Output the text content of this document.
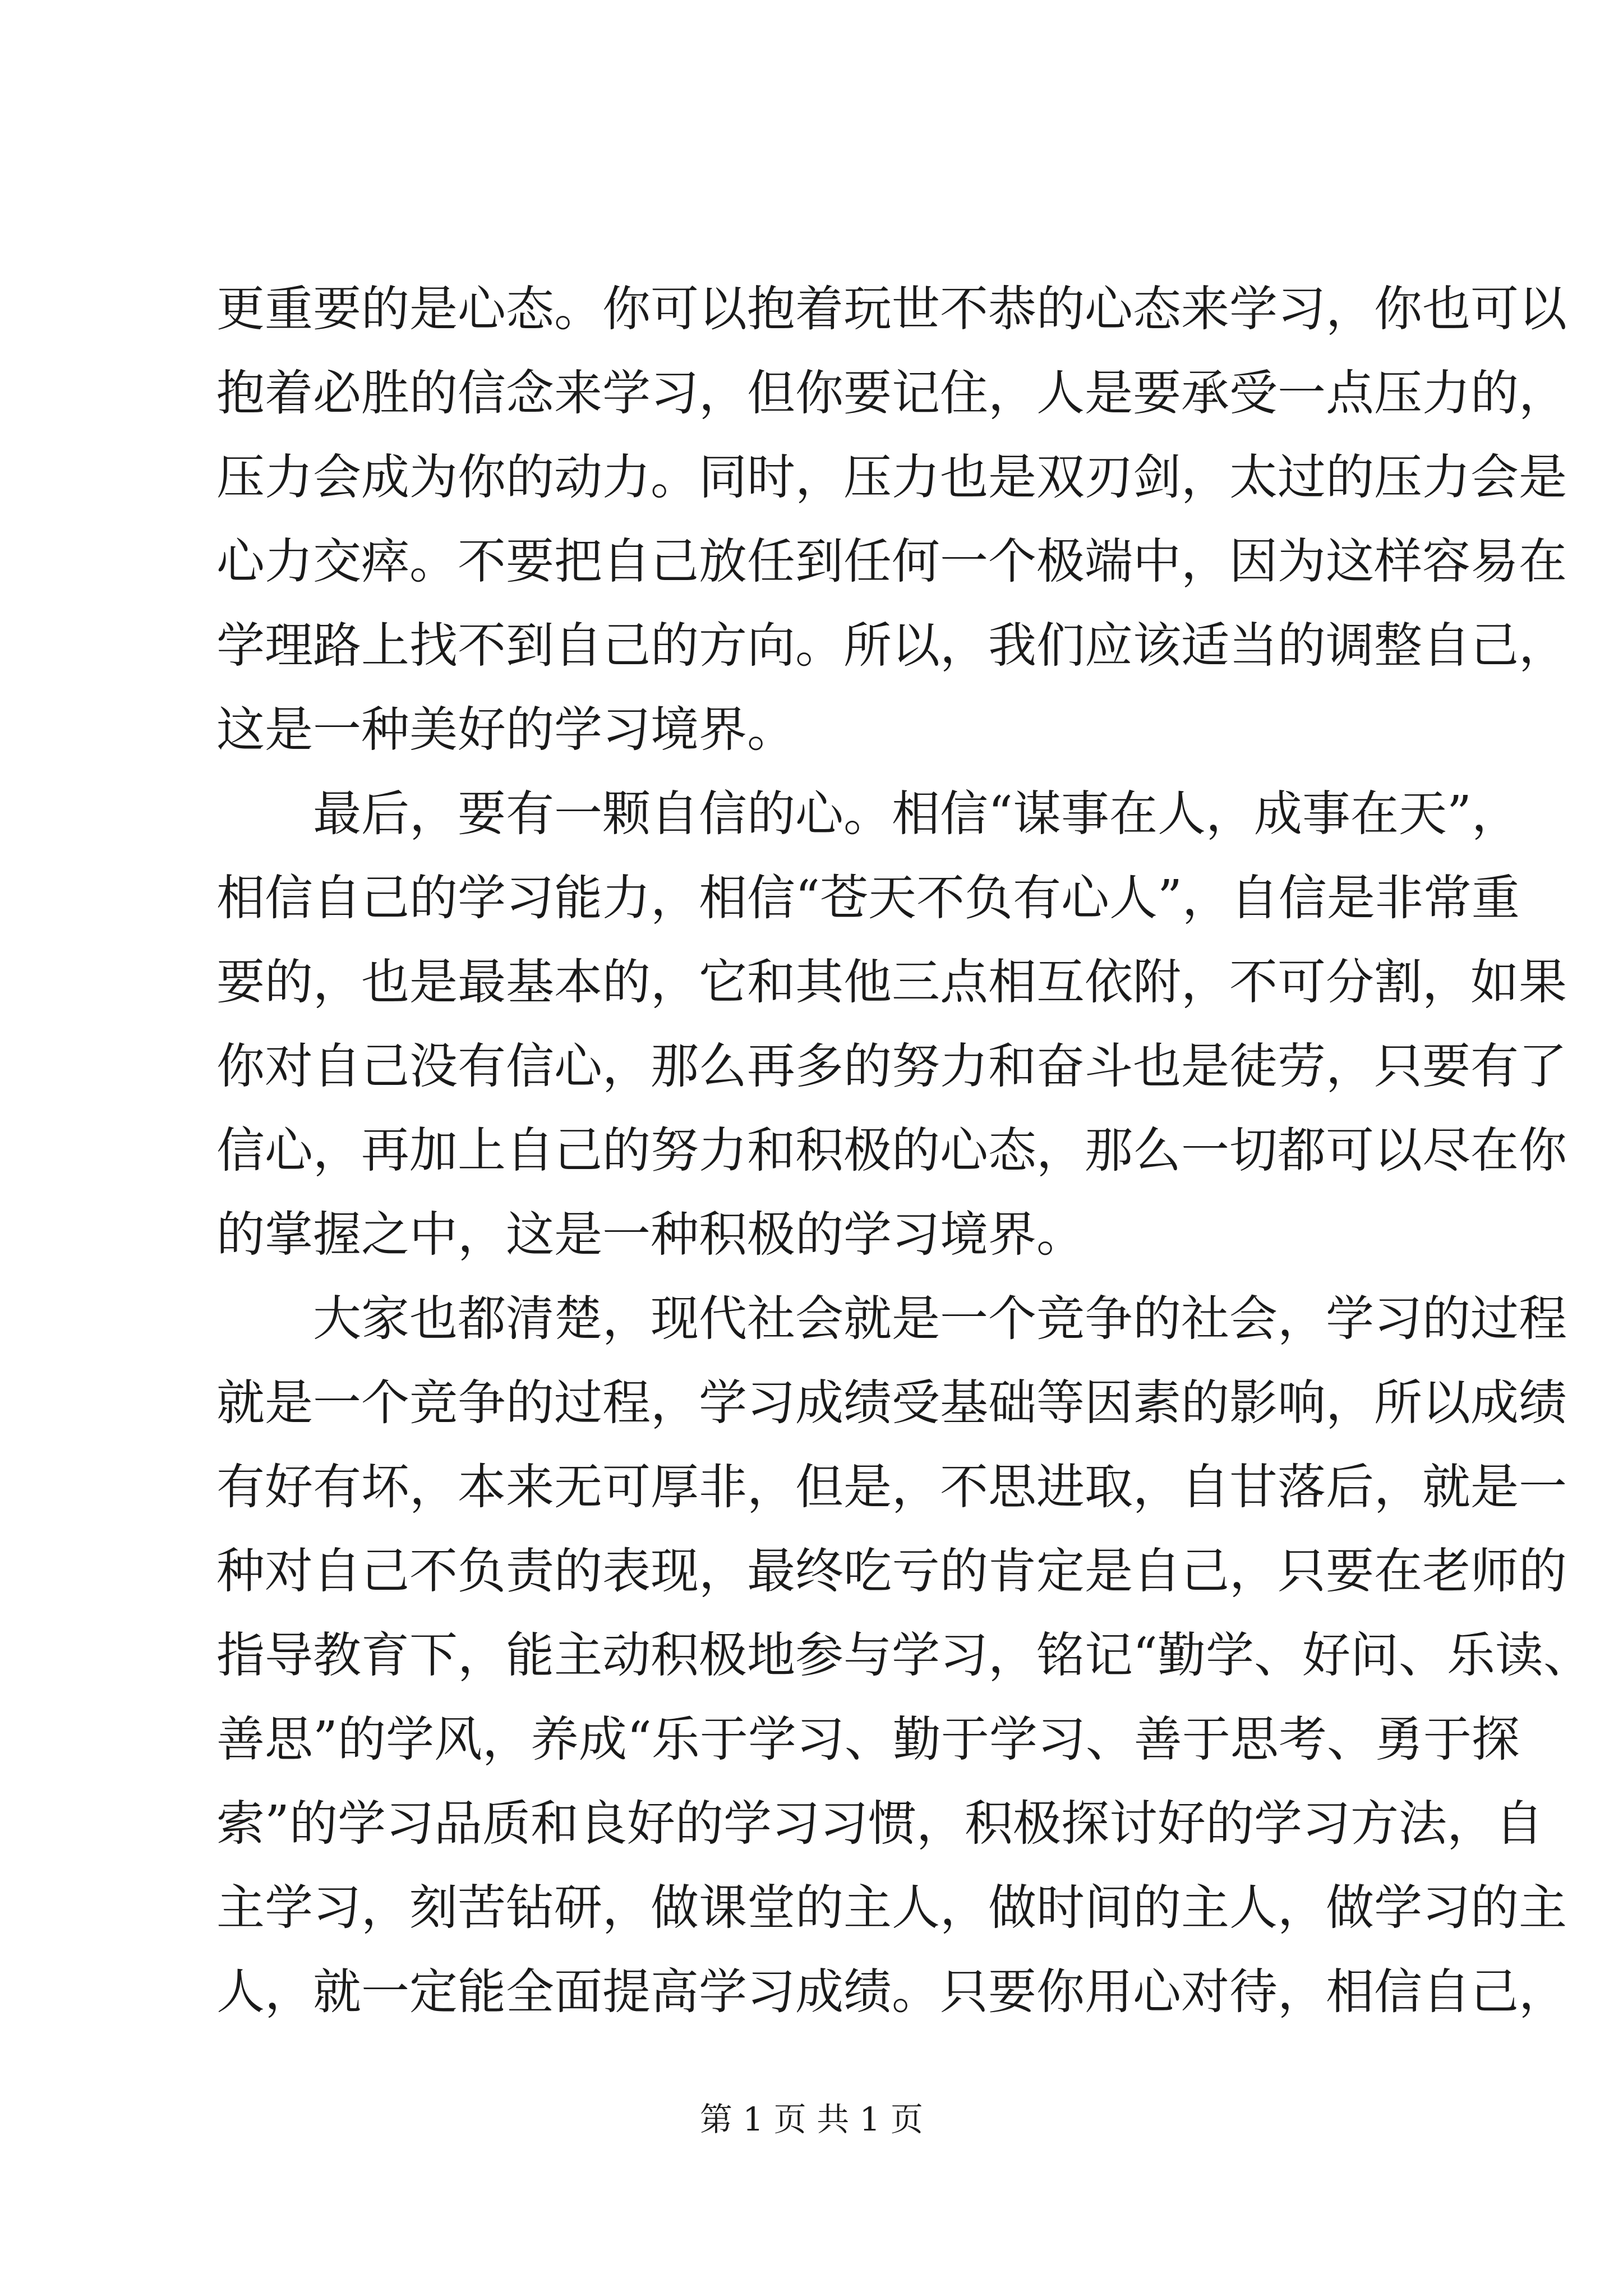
更重要的是心态。你可以抱着玩世不恭的心态来学习，你也可以
抱着必胜的信念来学习，但你要记住，人是要承受一点压力的，
压力会成为你的动力。同时，压力也是双刃剑，太过的压力会是
心力交瘁。不要把自己放任到任何一个极端中，因为这样容易在
学理路上找不到自己的方向。所以，我们应该适当的调整自己，
这是一种美好的学习境界。
最后，要有一颗自信的心。相信“谋事在人，成事在天”，
相信自己的学习能力，相信“苍天不负有心人”，自信是非常重
要的，也是最基本的，它和其他三点相互依附，不可分割，如果
你对自己没有信心，那么再多的努力和奋斗也是徒劳，只要有了
信心，再加上自己的努力和积极的心态，那么一切都可以尽在你
的掌握之中，这是一种积极的学习境界。
大家也都清楚，现代社会就是一个竞争的社会，学习的过程
就是一个竞争的过程，学习成绩受基础等因素的影响，所以成绩
有好有坏，本来无可厚非，但是，不思进取，自甘落后，就是一
种对自己不负责的表现，最终吃亏的肯定是自己，只要在老师的
指导教育下，能主动积极地参与学习，铭记“勤学、好问、乐读、
善思”的学风，养成“乐于学习、勤于学习、善于思考、勇于探
索”的学习品质和良好的学习习惯，积极探讨好的学习方法，自
主学习，刻苦钻研，做课堂的主人，做时间的主人，做学习的主
人，就一定能全面提高学习成绩。只要你用心对待，相信自己，
第 1 页 共 1 页
